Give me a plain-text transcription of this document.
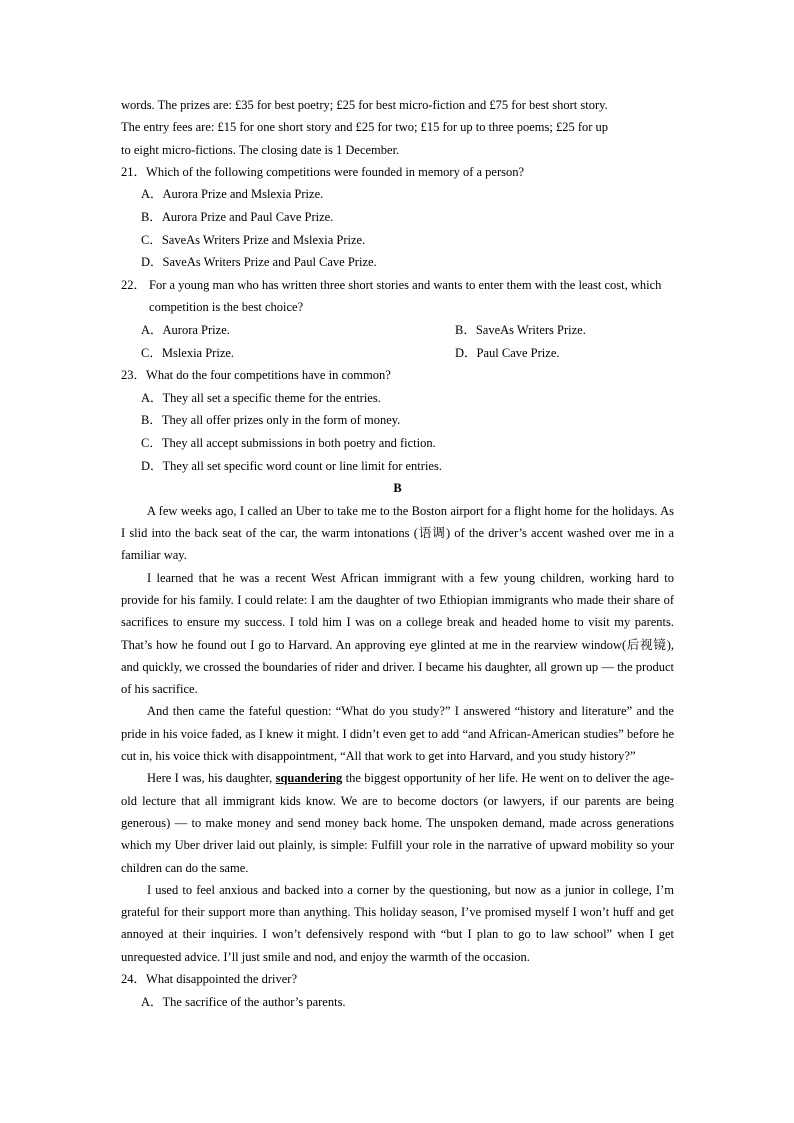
words. The prizes are: £35 for best poetry; £25 for best micro-fiction and £75 for best short story.

The entry fees are: £15 for one short story and £25 for two; £15 for up to three poems; £25 for up

to eight micro-fictions. The closing date is 1 December.

21． Which of the following competitions were founded in memory of a person?
A．Aurora Prize and Mslexia Prize.
B．Aurora Prize and Paul Cave Prize.
C．SaveAs Writers Prize and Mslexia Prize.
D．SaveAs Writers Prize and Paul Cave Prize.
22． For a young man who has written three short stories and wants to enter them with the least cost, which competition is the best choice?
A．Aurora Prize.	B．SaveAs Writers Prize.
C．Mslexia Prize.	D．Paul Cave Prize.
23． What do the four competitions have in common?
A．They all set a specific theme for the entries.
B．They all offer prizes only in the form of money.
C．They all accept submissions in both poetry and fiction.
D．They all set specific word count or line limit for entries.
B

A few weeks ago, I called an Uber to take me to the Boston airport for a flight home for the holidays. As I slid into the back seat of the car, the warm intonations (语调) of the driver’s accent washed over me in a familiar way.

I learned that he was a recent West African immigrant with a few young children, working hard to provide for his family. I could relate: I am the daughter of two Ethiopian immigrants who made their share of sacrifices to ensure my success. I told him I was on a college break and headed home to visit my parents. That’s how he found out I go to Harvard. An approving eye glinted at me in the rearview window(后视镜), and quickly, we crossed the boundaries of rider and driver. I became his daughter, all grown up — the product of his sacrifice.

And then came the fateful question: “What do you study?” I answered “history and literature” and the pride in his voice faded, as I knew it might. I didn’t even get to add “and African-American studies” before he cut in, his voice thick with disappointment, “All that work to get into Harvard, and you study history?”

Here I was, his daughter, squandering the biggest opportunity of her life. He went on to deliver the age-old lecture that all immigrant kids know. We are to become doctors (or lawyers, if our parents are being generous) — to make money and send money back home. The unspoken demand, made across generations which my Uber driver laid out plainly, is simple: Fulfill your role in the narrative of upward mobility so your children can do the same.

I used to feel anxious and backed into a corner by the questioning, but now as a junior in college, I’m grateful for their support more than anything. This holiday season, I’ve promised myself I won’t huff and get annoyed at their inquiries. I won’t defensively respond with “but I plan to go to law school” when I get unrequested advice. I’ll just smile and nod, and enjoy the warmth of the occasion.

24． What disappointed the driver?
A．The sacrifice of the author’s parents.
